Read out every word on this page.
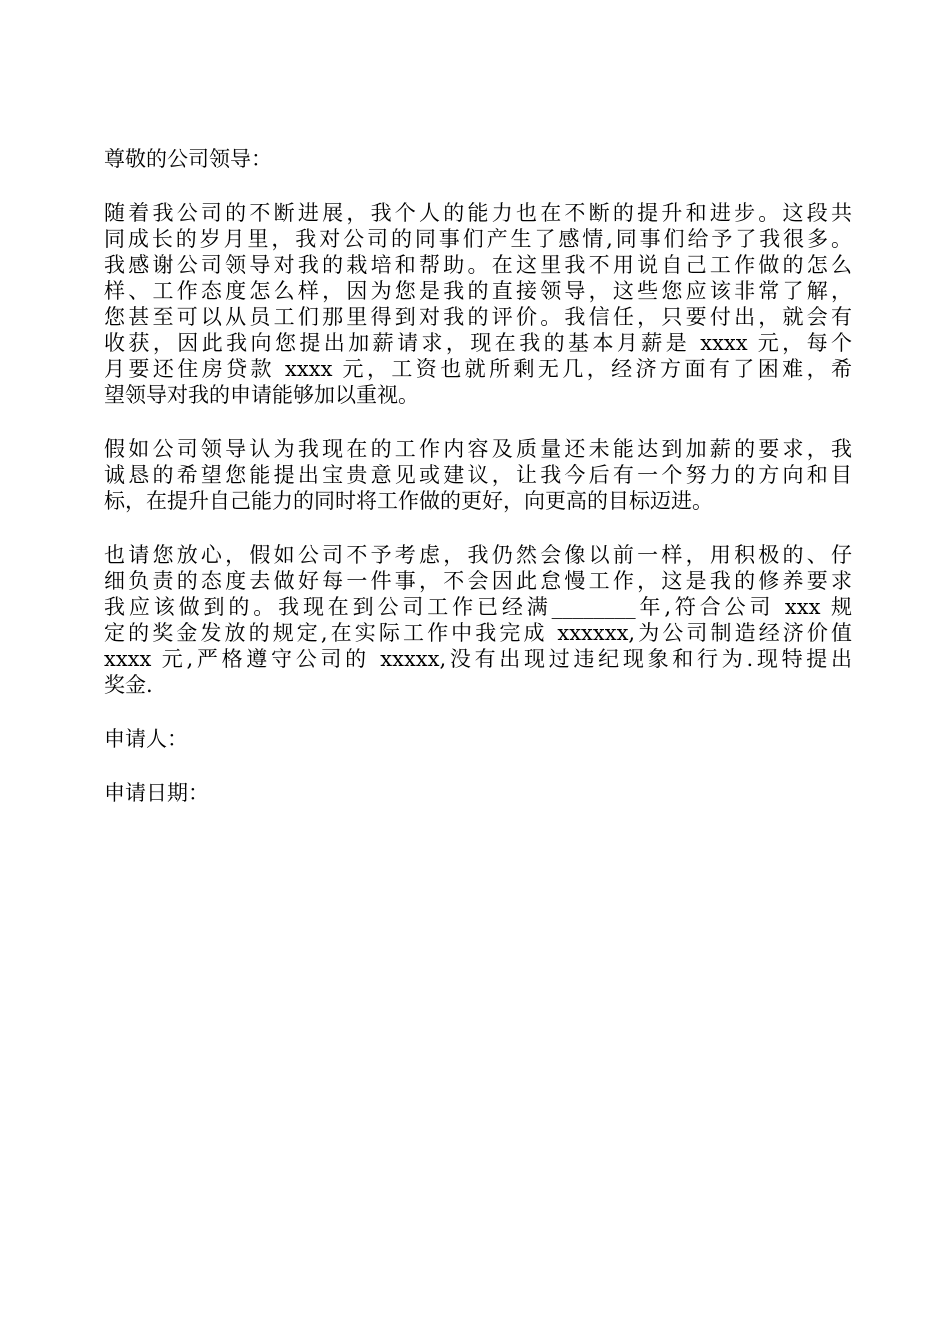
尊敬的公司领导：
随着我公司的不断进展，我个人的能力也在不断的提升和进步。这段共
同成长的岁月里，我对公司的同事们产生了感情,同事们给予了我很多。
我感谢公司领导对我的栽培和帮助。在这里我不用说自己工作做的怎么
样、工作态度怎么样，因为您是我的直接领导，这些您应该非常了解，
您甚至可以从员工们那里得到对我的评价。我信任，只要付出，就会有
收获，因此我向您提出加薪请求，现在我的基本月薪是 xxxx 元，每个
月要还住房贷款 xxxx 元，工资也就所剩无几，经济方面有了困难，希
望领导对我的申请能够加以重视。
假如公司领导认为我现在的工作内容及质量还未能达到加薪的要求，我
诚恳的希望您能提出宝贵意见或建议，让我今后有一个努力的方向和目
标，在提升自己能力的同时将工作做的更好，向更高的目标迈进。
也请您放心，假如公司不予考虑，我仍然会像以前一样，用积极的、仔
细负责的态度去做好每一件事，不会因此怠慢工作，这是我的修养要求
我应该做到的。我现在到公司工作已经满________年,符合公司 xxx 规
定的奖金发放的规定,在实际工作中我完成 xxxxxx,为公司制造经济价值
xxxx 元,严格遵守公司的 xxxxx,没有出现过违纪现象和行为.现特提出
奖金.
申请人：
申请日期：
